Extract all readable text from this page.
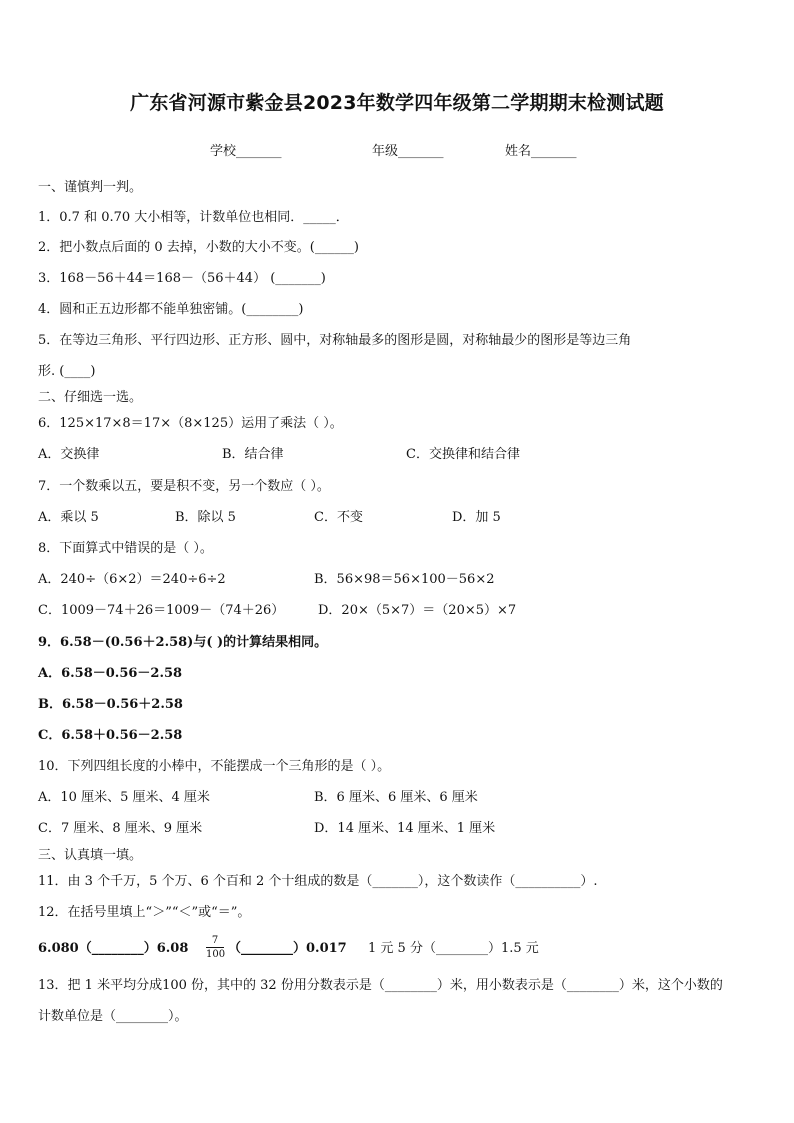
广东省河源市紫金县2023年数学四年级第二学期期末检测试题
学校_______	年级_______	姓名_______
一、谨慎判一判。
1．0.7 和 0.70 大小相等，计数单位也相同．_____．
2．把小数点后面的 0 去掉，小数的大小不变。(______)
3．168－56＋44＝168－（56＋44） (_______)
4．圆和正五边形都不能单独密铺。(________)
5．在等边三角形、平行四边形、正方形、圆中，对称轴最多的图形是圆，对称轴最少的图形是等边三角
形. (____)
二、仔细选一选。
6．125×17×8＝17×（8×125）运用了乘法（ ）。
A．交换律	B．结合律	C．交换律和结合律
7．一个数乘以五，要是积不变，另一个数应（ ）。
A．乘以 5	B．除以 5	C．不变	D．加 5
8．下面算式中错误的是（ ）。
A．240÷（6×2）＝240÷6÷2	B．56×98＝56×100－56×2
C．1009－74＋26＝1009－（74＋26）	D．20×（5×7）＝（20×5）×7
9．6.58－(0.56＋2.58)与( )的计算结果相同。
A．6.58－0.56－2.58
B．6.58－0.56＋2.58
C．6.58＋0.56－2.58
10．下列四组长度的小棒中，不能摆成一个三角形的是（ ）。
A．10 厘米、5 厘米、4 厘米	B．6 厘米、6 厘米、6 厘米
C．7 厘米、8 厘米、9 厘米	D．14 厘米、14 厘米、1 厘米
三、认真填一填。
11．由 3 个千万，5 个万、6 个百和 2 个十组成的数是（_______），这个数读作（__________）.
12．在括号里填上“＞”“＜”或“＝”。
6.080（________）6.08 $\frac{7}{100}$ （________）0.017 1 元 5 分（________）1.5 元
13．把 1 米平均分成100 份，其中的 32 份用分数表示是（________）米，用小数表示是（________）米，这个小数的
计数单位是（________）。
